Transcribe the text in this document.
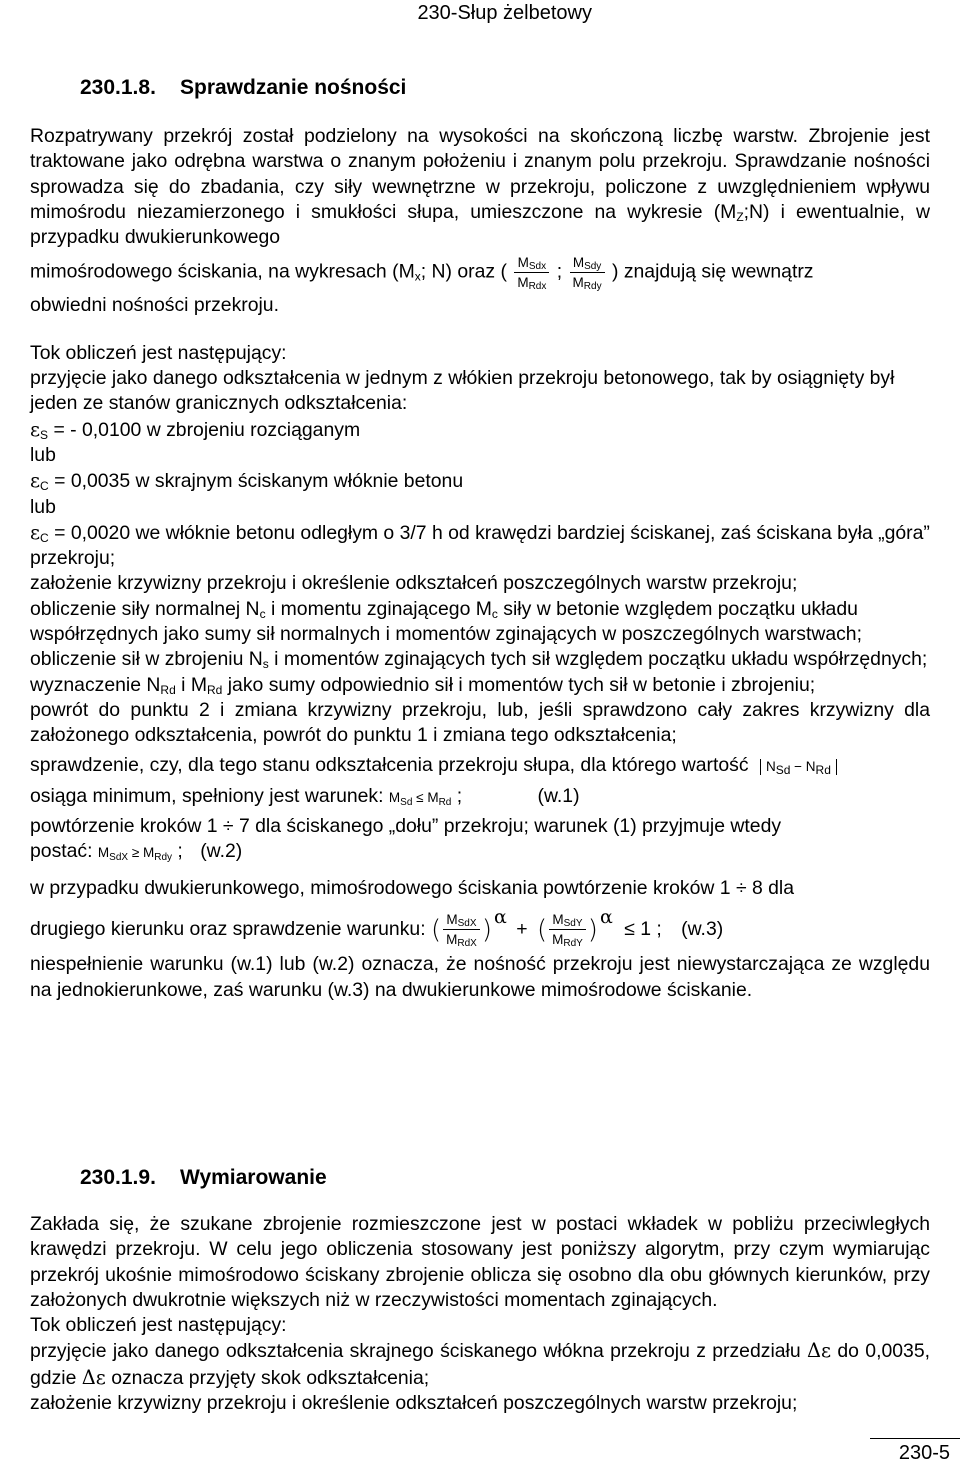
230-Słup żelbetowy
230.1.8. Sprawdzanie nośności

Rozpatrywany przekrój został podzielony na wysokości na skończoną liczbę warstw. Zbrojenie jest traktowane jako odrębna warstwa o znanym położeniu i znanym polu przekroju. Sprawdzanie nośności sprowadza się do zbadania, czy siły wewnętrzne w przekroju, policzone z uwzględnieniem wpływu mimośrodu niezamierzonego i smukłości słupa, umieszczone na wykresie $(M_Z;N)$ i ewentualnie, w przypadku dwukierunkowego

mimośrodowego ściskania, na wykresach ($M_x$; N) oraz ( $\frac{M_{Sdx}}{M_{Rdx}}$ ; $\frac{M_{Sdy}}{M_{Rdy}}$ ) znajdują się wewnątrz

obwiedni nośności przekroju.

Tok obliczeń jest następujący:

przyjęcie jako danego odkształcenia w jednym z włókien przekroju betonowego, tak by osiągnięty był jeden ze stanów granicznych odkształcenia:

$\varepsilon_S$ = - 0,0100 w zbrojeniu rozciąganym

lub

$\varepsilon_C = 0,0035$ w skrajnym ściskanym włóknie betonu

lub

$\varepsilon_C = 0,0020$ we włóknie betonu odległym o 3/7 h od krawędzi bardziej ściskanej, zaś ściskana była „góra” przekroju;

założenie krzywizny przekroju i określenie odkształceń poszczególnych warstw przekroju;

obliczenie siły normalnej $N_c$ i momentu zginającego $M_c$ siły w betonie względem początku układu współrzędnych jako sumy sił normalnych i momentów zginających w poszczególnych warstwach;

obliczenie sił w zbrojeniu $N_s$ i momentów zginających tych sił względem początku układu współrzędnych;

wyznaczenie $N_{Rd}$ i $M_{Rd}$ jako sumy odpowiednio sił i momentów tych sił w betonie i zbrojeniu;

powrót do punktu 2 i zmiana krzywizny przekroju, lub, jeśli sprawdzono cały zakres krzywizny dla założonego odkształcenia, powrót do punktu 1 i zmiana tego odkształcenia;

sprawdzenie, czy, dla tego stanu odkształcenia przekroju słupa, dla którego wartość $N_{Sd} - N_{Rd}$

osiąga minimum, spełniony jest warunek: $M_{Sd} \le M_{Rd}$ ;	(w.1)

powtórzenie kroków 1 ÷ 7 dla ściskanego „dołu” przekroju; warunek (1) przyjmuje wtedy

postać: $M_{SdX} \ge M_{Rdy}$ ; (w.2)

w przypadku dwukierunkowego, mimośrodowego ściskania powtórzenie kroków 1 ÷ 8 dla

drugiego kierunku oraz sprawdzenie warunku: ( $\frac{M_{SdX}}{M_{RdX}}$ ) α + ( $\frac{M_{SdY}}{M_{RdY}}$ ) α ≤ 1 ; (w.3)

niespełnienie warunku (w.1) lub (w.2) oznacza, że nośność przekroju jest niewystarczająca ze względu na jednokierunkowe, zaś warunku (w.3) na dwukierunkowe mimośrodowe ściskanie.

230.1.9. Wymiarowanie

Zakłada się, że szukane zbrojenie rozmieszczone jest w postaci wkładek w pobliżu przeciwległych krawędzi przekroju. W celu jego obliczenia stosowany jest poniższy algorytm, przy czym wymiarując przekrój ukośnie mimośrodowo ściskany zbrojenie oblicza się osobno dla obu głównych kierunków, przy założonych dwukrotnie większych niż w rzeczywistości momentach zginających.

Tok obliczeń jest następujący:

przyjęcie jako danego odkształcenia skrajnego ściskanego włókna przekroju z przedziału Δε do 0,0035, gdzie Δε oznacza przyjęty skok odkształcenia;

założenie krzywizny przekroju i określenie odkształceń poszczególnych warstw przekroju;

230-5
